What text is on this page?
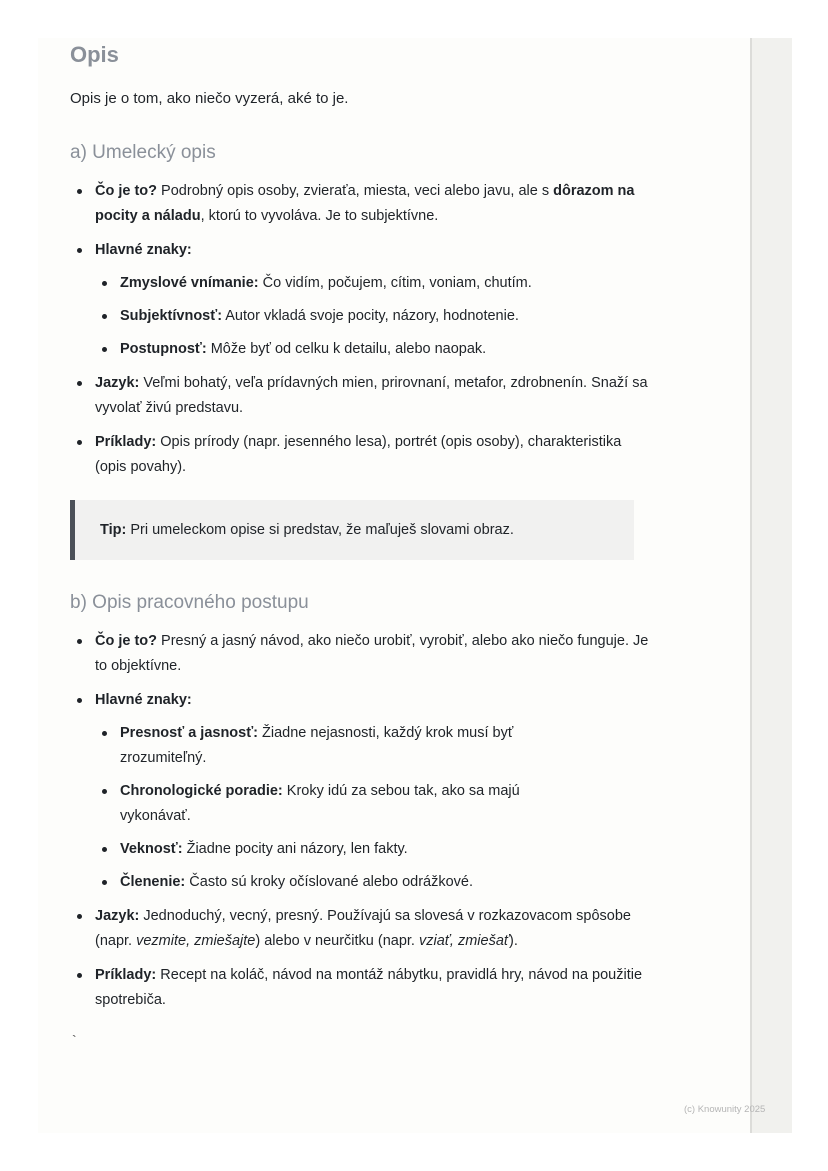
Opis

Opis je o tom, ako niečo vyzerá, aké to je.

a) Umelecký opis
Čo je to? Podrobný opis osoby, zvieraťa, miesta, veci alebo javu, ale s dôrazom na pocity a náladu, ktorú to vyvoláva. Je to subjektívne.
Hlavné znaky:
Zmyslové vnímanie: Čo vidím, počujem, cítim, voniam, chutím.
Subjektívnosť: Autor vkladá svoje pocity, názory, hodnotenie.
Postupnosť: Môže byť od celku k detailu, alebo naopak.
Jazyk: Veľmi bohatý, veľa prídavných mien, prirovnaní, metafor, zdrobnenín. Snaží sa vyvolať živú predstavu.
Príklady: Opis prírody (napr. jesenného lesa), portrét (opis osoby), charakteristika (opis povahy).
Tip: Pri umeleckom opise si predstav, že maľuješ slovami obraz.
b) Opis pracovného postupu
Čo je to? Presný a jasný návod, ako niečo urobiť, vyrobiť, alebo ako niečo funguje. Je to objektívne.
Hlavné znaky:
Presnosť a jasnosť: Žiadne nejasnosti, každý krok musí byť zrozumiteľný.
Chronologické poradie: Kroky idú za sebou tak, ako sa majú vykonávať.
Veknosť: Žiadne pocity ani názory, len fakty.
Členenie: Často sú kroky očíslované alebo odrážkové.
Jazyk: Jednoduchý, vecný, presný. Používajú sa slovesá v rozkazovacom spôsobe (napr. vezmite, zmiešajte) alebo v neurčitku (napr. vziať, zmiešať).
Príklady: Recept na koláč, návod na montáž nábytku, pravidlá hry, návod na použitie spotrebiča.
`
(c) Knowunity 2025
